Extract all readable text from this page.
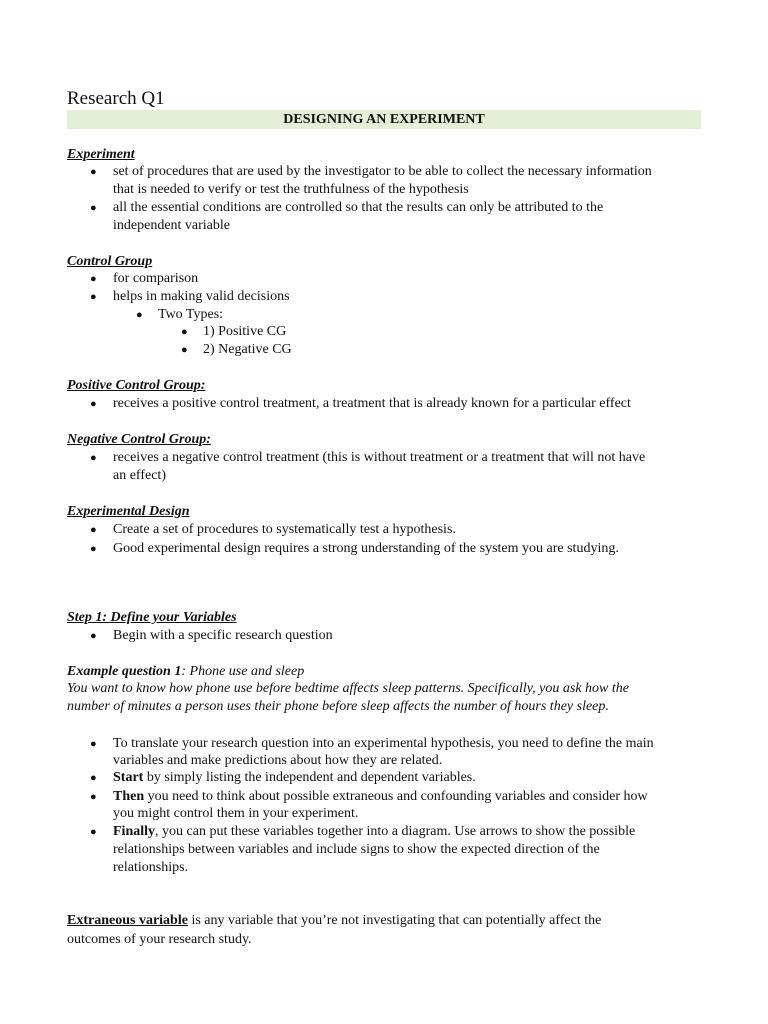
Research Q1
DESIGNING AN EXPERIMENT
Experiment
● set of procedures that are used by the investigator to be able to collect the necessary information
that is needed to verify or test the truthfulness of the hypothesis
● all the essential conditions are controlled so that the results can only be attributed to the
independent variable
Control Group
● for comparison
● helps in making valid decisions
● Two Types:
● 1) Positive CG
● 2) Negative CG
Positive Control Group:
● receives a positive control treatment, a treatment that is already known for a particular effect
Negative Control Group:
● receives a negative control treatment (this is without treatment or a treatment that will not have
an effect)
Experimental Design
● Create a set of procedures to systematically test a hypothesis.
● Good experimental design requires a strong understanding of the system you are studying.
Step 1: Define your Variables
● Begin with a specific research question
Example question 1: Phone use and sleep
You want to know how phone use before bedtime affects sleep patterns. Specifically, you ask how the
number of minutes a person uses their phone before sleep affects the number of hours they sleep.
● To translate your research question into an experimental hypothesis, you need to define the main
variables and make predictions about how they are related.
● Start by simply listing the independent and dependent variables.
● Then you need to think about possible extraneous and confounding variables and consider how
you might control them in your experiment.
● Finally, you can put these variables together into a diagram. Use arrows to show the possible
relationships between variables and include signs to show the expected direction of the
relationships.
Extraneous variable is any variable that you’re not investigating that can potentially affect the
outcomes of your research study.
